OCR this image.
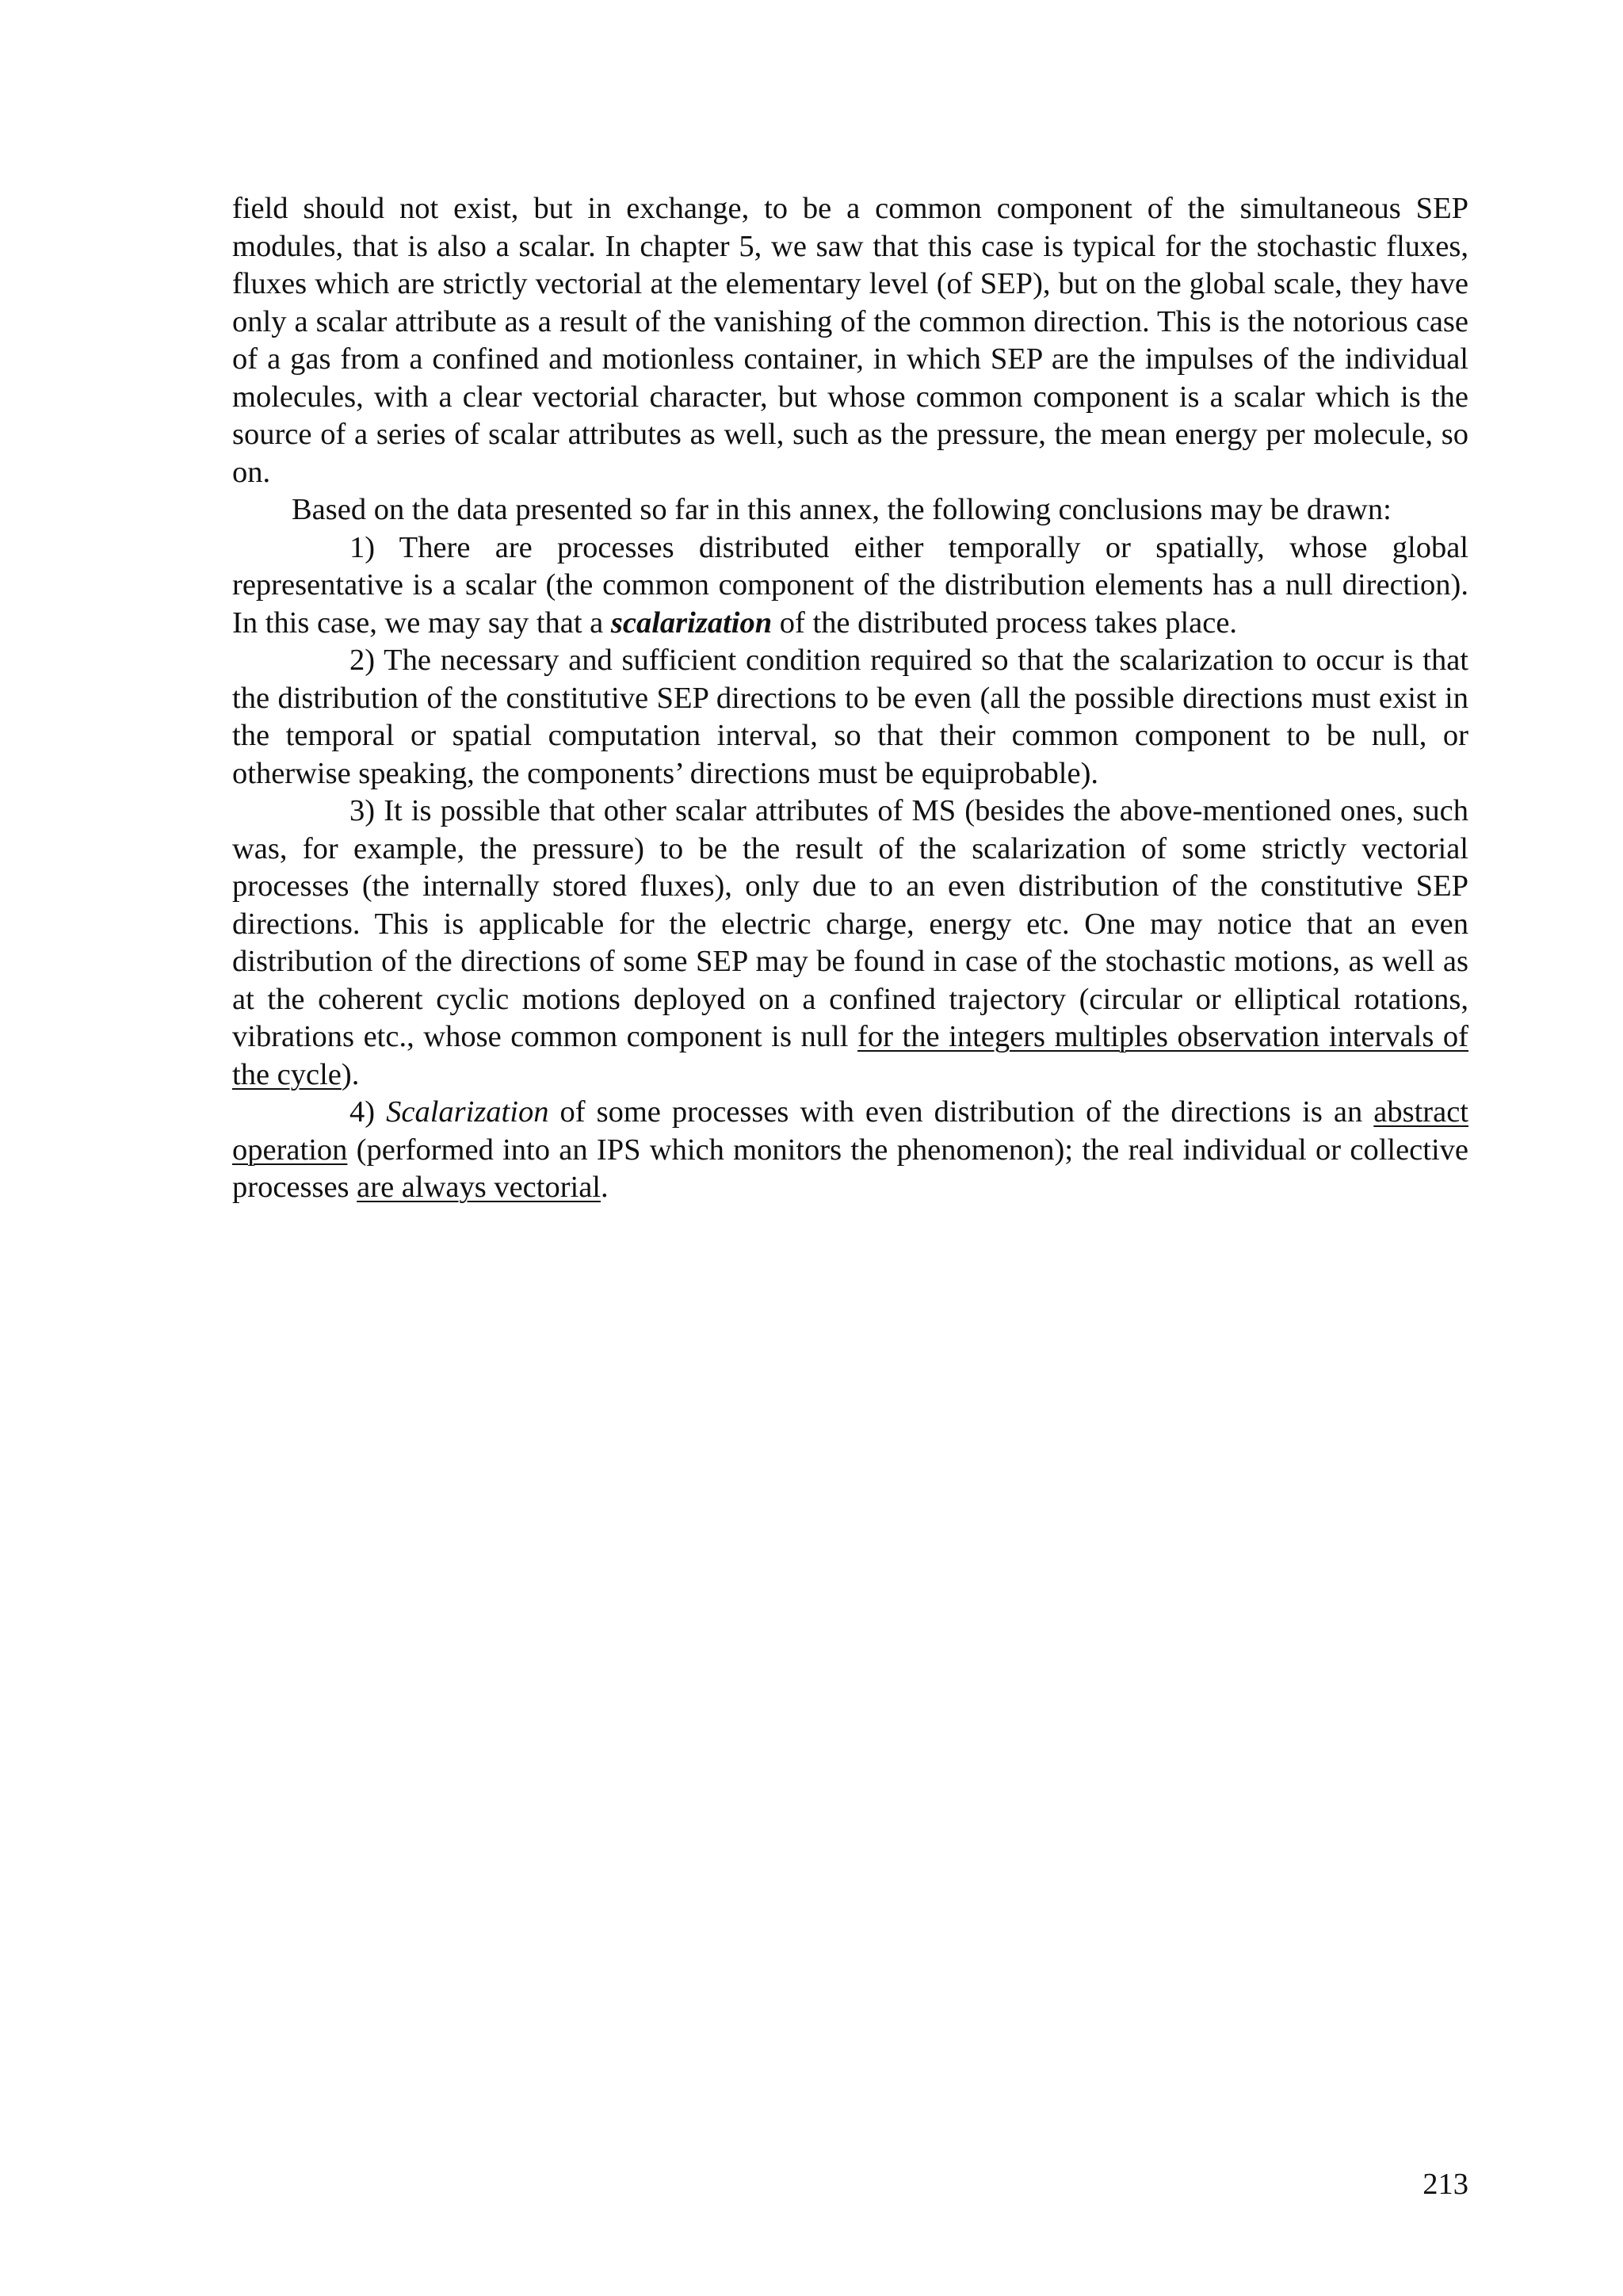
field should not exist, but in exchange, to be a common component of the simultaneous SEP modules, that is also a scalar. In chapter 5, we saw that this case is typical for the stochastic fluxes, fluxes which are strictly vectorial at the elementary level (of SEP), but on the global scale, they have only a scalar attribute as a result of the vanishing of the common direction. This is the notorious case of a gas from a confined and motionless container, in which SEP are the impulses of the individual molecules, with a clear vectorial character, but whose common component is a scalar which is the source of a series of scalar attributes as well, such as the pressure, the mean energy per molecule, so on.

Based on the data presented so far in this annex, the following conclusions may be drawn:

1) There are processes distributed either temporally or spatially, whose global representative is a scalar (the common component of the distribution elements has a null direction). In this case, we may say that a scalarization of the distributed process takes place.

2) The necessary and sufficient condition required so that the scalarization to occur is that the distribution of the constitutive SEP directions to be even (all the possible directions must exist in the temporal or spatial computation interval, so that their common component to be null, or otherwise speaking, the components’ directions must be equiprobable).

3) It is possible that other scalar attributes of MS (besides the above-mentioned ones, such was, for example, the pressure) to be the result of the scalarization of some strictly vectorial processes (the internally stored fluxes), only due to an even distribution of the constitutive SEP directions. This is applicable for the electric charge, energy etc. One may notice that an even distribution of the directions of some SEP may be found in case of the stochastic motions, as well as at the coherent cyclic motions deployed on a confined trajectory (circular or elliptical rotations, vibrations etc., whose common component is null for the integers multiples observation intervals of the cycle).

4) Scalarization of some processes with even distribution of the directions is an abstract operation (performed into an IPS which monitors the phenomenon); the real individual or collective processes are always vectorial.

213
